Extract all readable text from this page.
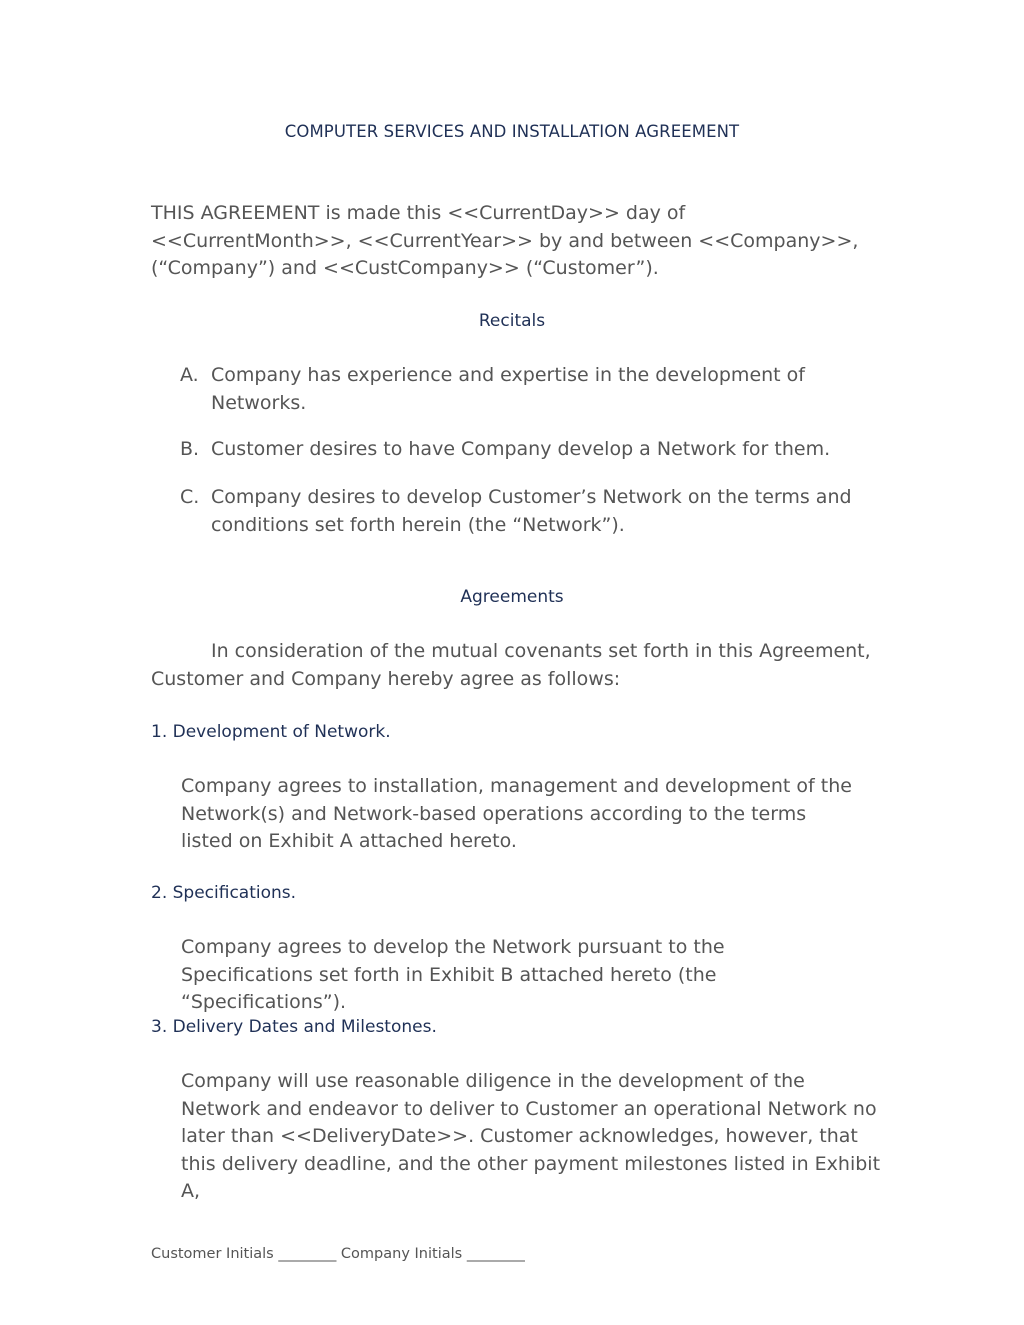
COMPUTER SERVICES AND INSTALLATION AGREEMENT
THIS AGREEMENT is made this <<CurrentDay>> day of <<CurrentMonth>>, <<CurrentYear>> by and between <<Company>>, (“Company”) and <<CustCompany>> (“Customer”).
Recitals
A. Company has experience and expertise in the development of Networks.
B. Customer desires to have Company develop a Network for them.
C. Company desires to develop Customer’s Network on the terms and conditions set forth herein (the “Network”).
Agreements
In consideration of the mutual covenants set forth in this Agreement, Customer and Company hereby agree as follows:
1. Development of Network.
Company agrees to installation, management and development of the Network(s) and Network-based operations according to the terms listed on Exhibit A attached hereto.
2. Specifications.
Company agrees to develop the Network pursuant to the Specifications set forth in Exhibit B attached hereto (the “Specifications”).
3. Delivery Dates and Milestones.
Company will use reasonable diligence in the development of the Network and endeavor to deliver to Customer an operational Network no later than <<DeliveryDate>>. Customer acknowledges, however, that this delivery deadline, and the other payment milestones listed in Exhibit A,
Customer Initials ________ Company Initials ________
